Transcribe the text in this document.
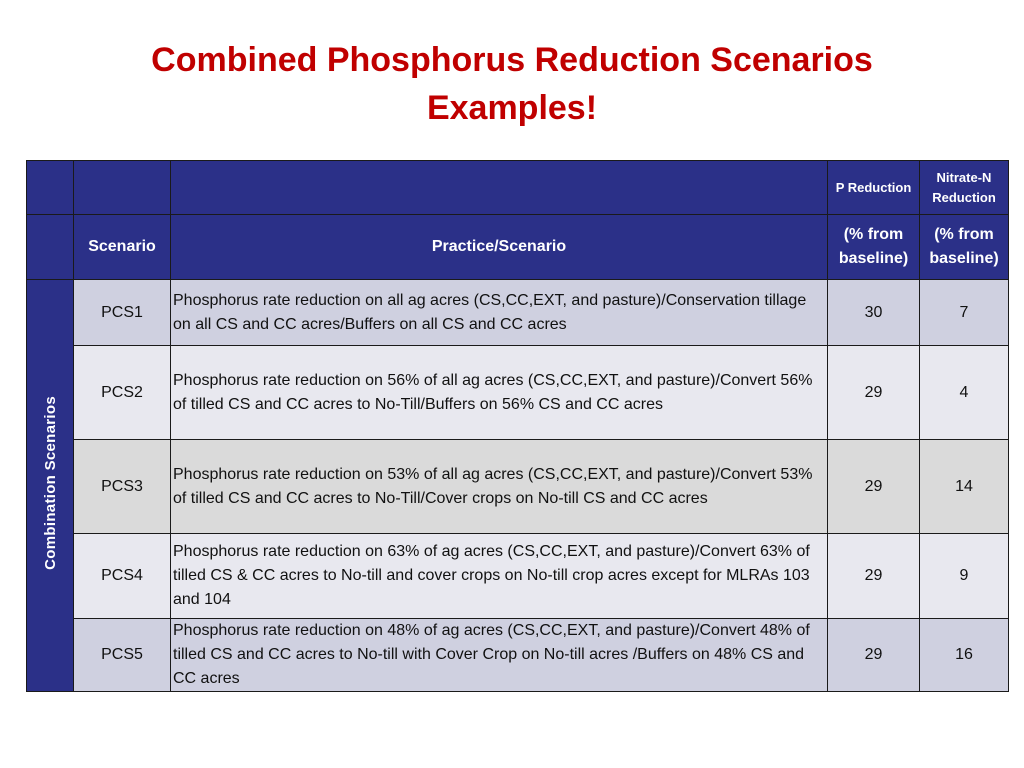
Combined Phosphorus Reduction Scenarios
Examples!
			P Reduction	Nitrate-N Reduction
	Scenario	Practice/Scenario	(% from baseline)	(% from baseline)
Combination Scenarios	PCS1	Phosphorus rate reduction on all ag acres (CS,CC,EXT, and pasture)/Conservation tillage on all CS and CC acres/Buffers on all CS and CC acres	30	7
	PCS2	Phosphorus rate reduction on 56% of all ag acres (CS,CC,EXT, and pasture)/Convert 56% of tilled CS and CC acres to No-Till/Buffers on 56% CS and CC acres	29	4
	PCS3	Phosphorus rate reduction on 53% of all ag acres (CS,CC,EXT, and pasture)/Convert 53% of tilled CS and CC acres to No-Till/Cover crops on No-till CS and CC acres	29	14
	PCS4	Phosphorus rate reduction on 63% of ag acres (CS,CC,EXT, and pasture)/Convert 63% of tilled CS & CC acres to No-till and cover crops on No-till crop acres except for MLRAs 103 and 104	29	9
	PCS5	Phosphorus rate reduction on 48% of ag acres (CS,CC,EXT, and pasture)/Convert 48% of tilled CS and CC acres to No-till with Cover Crop on No-till acres /Buffers on 48% CS and CC acres	29	16
